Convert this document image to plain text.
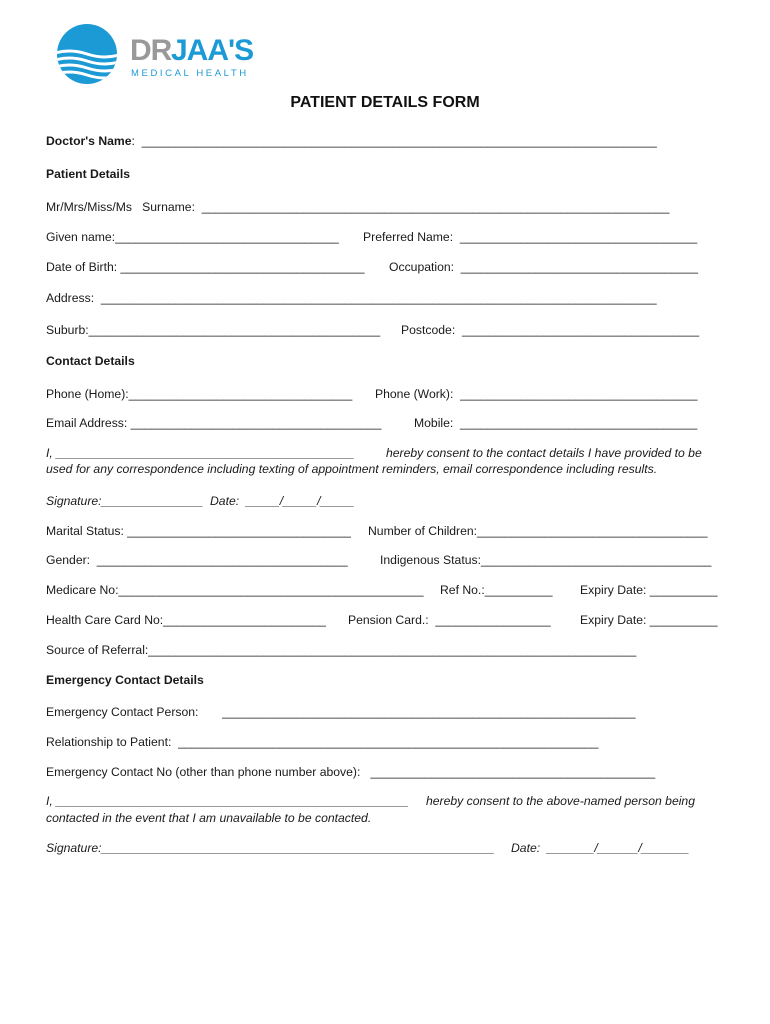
DR JAA'S
MEDICAL HEALTH
PATIENT DETAILS FORM
Doctor's Name:  ____________________________________________________________________________
Patient Details
Mr/Mrs/Miss/Ms   Surname:  _____________________________________________________________________
Given name:_________________________________ Preferred Name:  ___________________________________
Date of Birth: ____________________________________ Occupation:  ___________________________________
Address:  __________________________________________________________________________________
Suburb:___________________________________________ Postcode:  ___________________________________
Contact Details
Phone (Home):_________________________________ Phone (Work):  ___________________________________
Email Address: _____________________________________	Mobile:  ___________________________________
I, ____________________________________________	hereby consent to the contact details I have provided to be
used for any correspondence including texting of appointment reminders, email correspondence including results.
Signature:_______________  Date:  _____/_____/_____
Marital Status: _________________________________ Number of Children:__________________________________
Gender:  _____________________________________	Indigenous Status:__________________________________
Medicare No:_____________________________________________ Ref No.:__________ Expiry Date: __________
Health Care Card No:________________________ Pension Card.:  _________________ Expiry Date: __________
Source of Referral:________________________________________________________________________
Emergency Contact Details
Emergency Contact Person:       _____________________________________________________________
Relationship to Patient:  ______________________________________________________________
Emergency Contact No (other than phone number above):   __________________________________________
I, ____________________________________________________ hereby consent to the above-named person being
contacted in the event that I am unavailable to be contacted.
Signature:__________________________________________________________ Date:  _______/______/_______
